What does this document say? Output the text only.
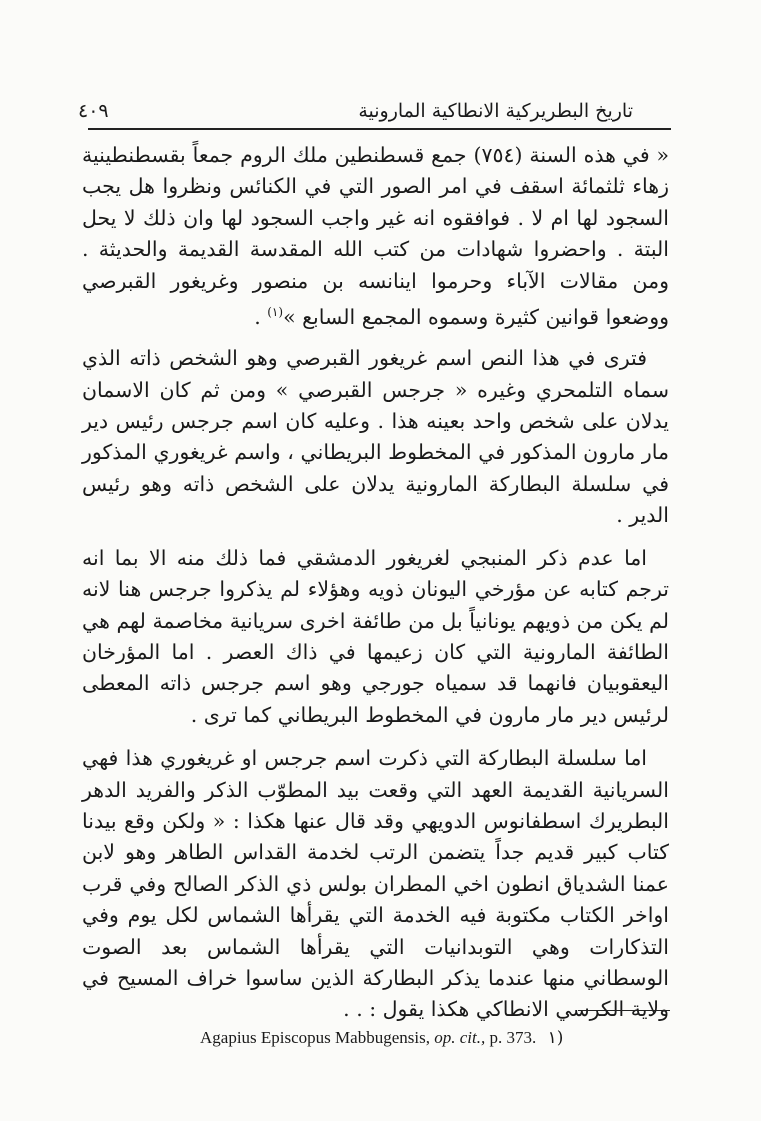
تاريخ البطريركية الانطاكية المارونية
٤٠٩

« في هذه السنة (٧٥٤) جمع قسطنطين ملك الروم جمعاً بقسطنطينية زهاء ثلثمائة اسقف في امر الصور التي في الكنائس ونظروا هل يجب السجود لها ام لا . فوافقوه انه غير واجب السجود لها وان ذلك لا يحل البتة . واحضروا شهادات من كتب الله المقدسة القديمة والحديثة . ومن مقالات الآباء وحرموا اينانسه بن منصور وغريغور القبرصي ووضعوا قوانين كثيرة وسموه المجمع السابع »$^{(١)}$ .

فترى في هذا النص اسم غريغور القبرصي وهو الشخص ذاته الذي سماه التلمحري وغيره « جرجس القبرصي » ومن ثم كان الاسمان يدلان على شخص واحد بعينه هذا . وعليه كان اسم جرجس رئيس دير مار مارون المذكور في المخطوط البريطاني ، واسم غريغوري المذكور في سلسلة البطاركة المارونية يدلان على الشخص ذاته وهو رئيس الدير .

اما عدم ذكر المنبجي لغريغور الدمشقي فما ذلك منه الا بما انه ترجم كتابه عن مؤرخي اليونان ذويه وهؤلاء لم يذكروا جرجس هنا لانه لم يكن من ذويهم يونانياً بل من طائفة اخرى سريانية مخاصمة لهم هي الطائفة المارونية التي كان زعيمها في ذاك العصر . اما المؤرخان اليعقوبيان فانهما قد سمياه جورجي وهو اسم جرجس ذاته المعطى لرئيس دير مار مارون في المخطوط البريطاني كما ترى .

اما سلسلة البطاركة التي ذكرت اسم جرجس او غريغوري هذا فهي السريانية القديمة العهد التي وقعت بيد المطوّب الذكر والفريد الدهر البطريرك اسطفانوس الدويهي وقد قال عنها هكذا : « ولكن وقع بيدنا كتاب كبير قديم جداً يتضمن الرتب لخدمة القداس الطاهر وهو لابن عمنا الشدياق انطون اخي المطران بولس ذي الذكر الصالح وفي قرب اواخر الكتاب مكتوبة فيه الخدمة التي يقرأها الشماس لكل يوم وفي التذكارات وهي التوبدانيات التي يقرأها الشماس بعد الصوت الوسطاني منها عندما يذكر البطاركة الذين ساسوا خراف المسيح في ولاية الكرسي الانطاكي هكذا يقول : . .

(١ Agapius Episcopus Mabbugensis, op. cit., p. 373.
